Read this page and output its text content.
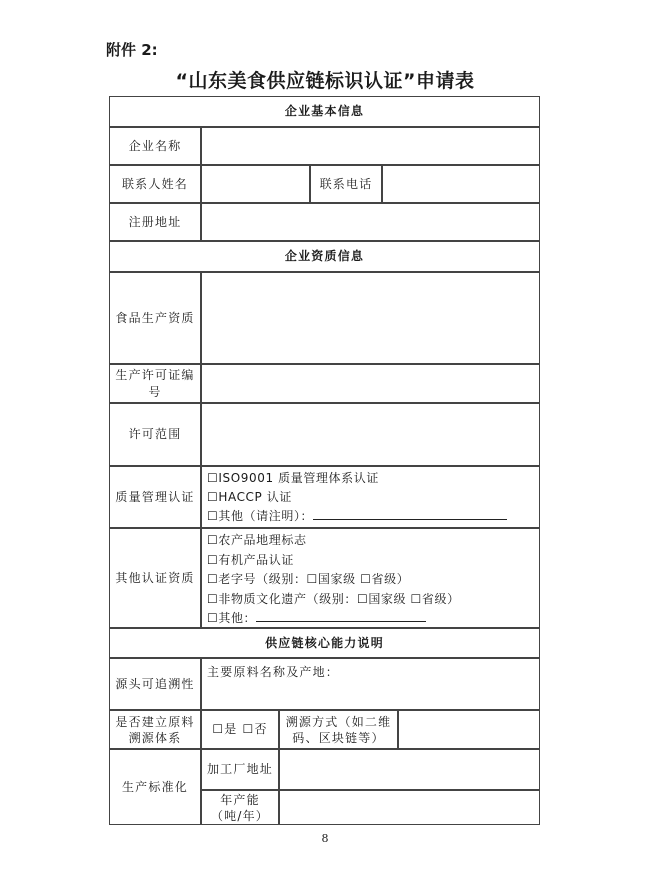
附件 2:
“山东美食供应链标识认证”申请表
企业基本信息
企业名称
联系人姓名	联系电话
注册地址
企业资质信息
食品生产资质
生产许可证编号
许可范围
质量管理认证
☐ISO9001 质量管理体系认证
☐HACCP 认证
☐其他（请注明）：
其他认证资质
☐农产品地理标志
☐有机产品认证
☐老字号（级别：☐国家级 ☐省级）
☐非物质文化遗产（级别：☐国家级 ☐省级）
☐其他：
供应链核心能力说明
源头可追溯性
主要原料名称及产地：
是否建立原料溯源体系
☐是 ☐否
溯源方式（如二维码、区块链等）
生产标准化
加工厂地址
年产能（吨/年）
8
